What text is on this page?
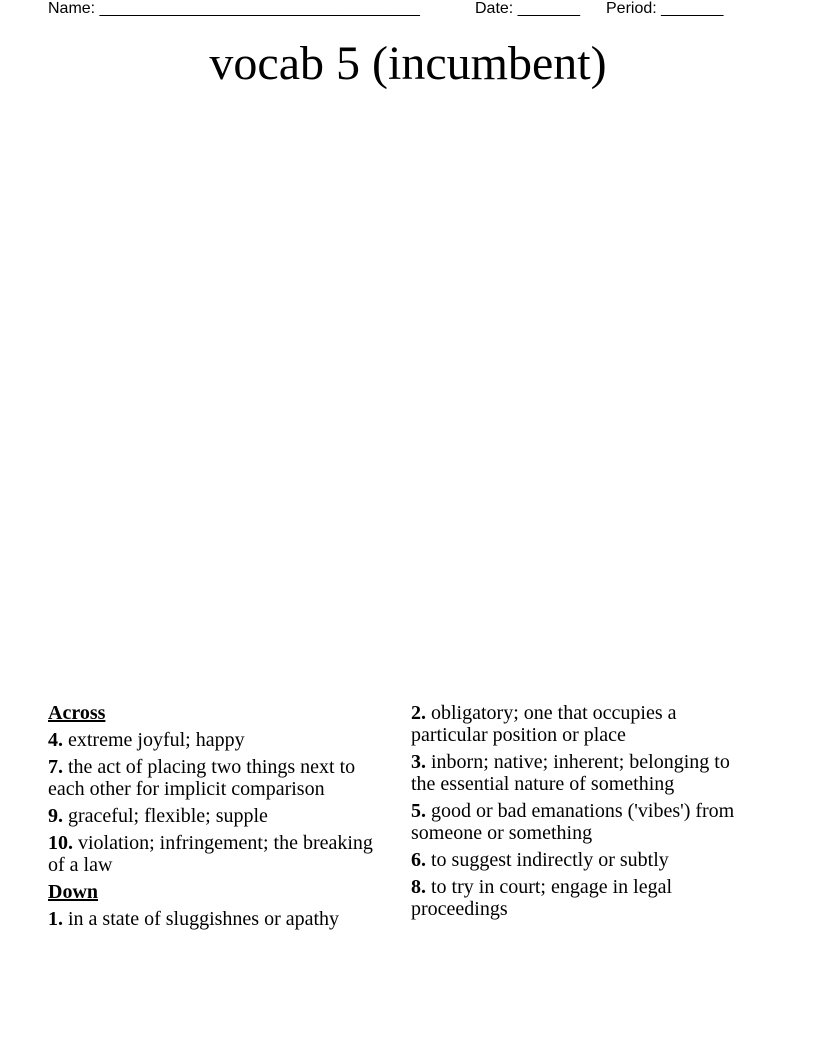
Name: ____________________________________	Date: _______ Period: _______
vocab 5 (incumbent)
Across
4. extreme joyful; happy
7. the act of placing two things next to each other for implicit comparison
9. graceful; flexible; supple
10. violation; infringement; the breaking of a law
Down
1. in a state of sluggishnes or apathy
2. obligatory; one that occupies a particular position or place
3. inborn; native; inherent; belonging to the essential nature of something
5. good or bad emanations ('vibes') from someone or something
6. to suggest indirectly or subtly
8. to try in court; engage in legal proceedings
